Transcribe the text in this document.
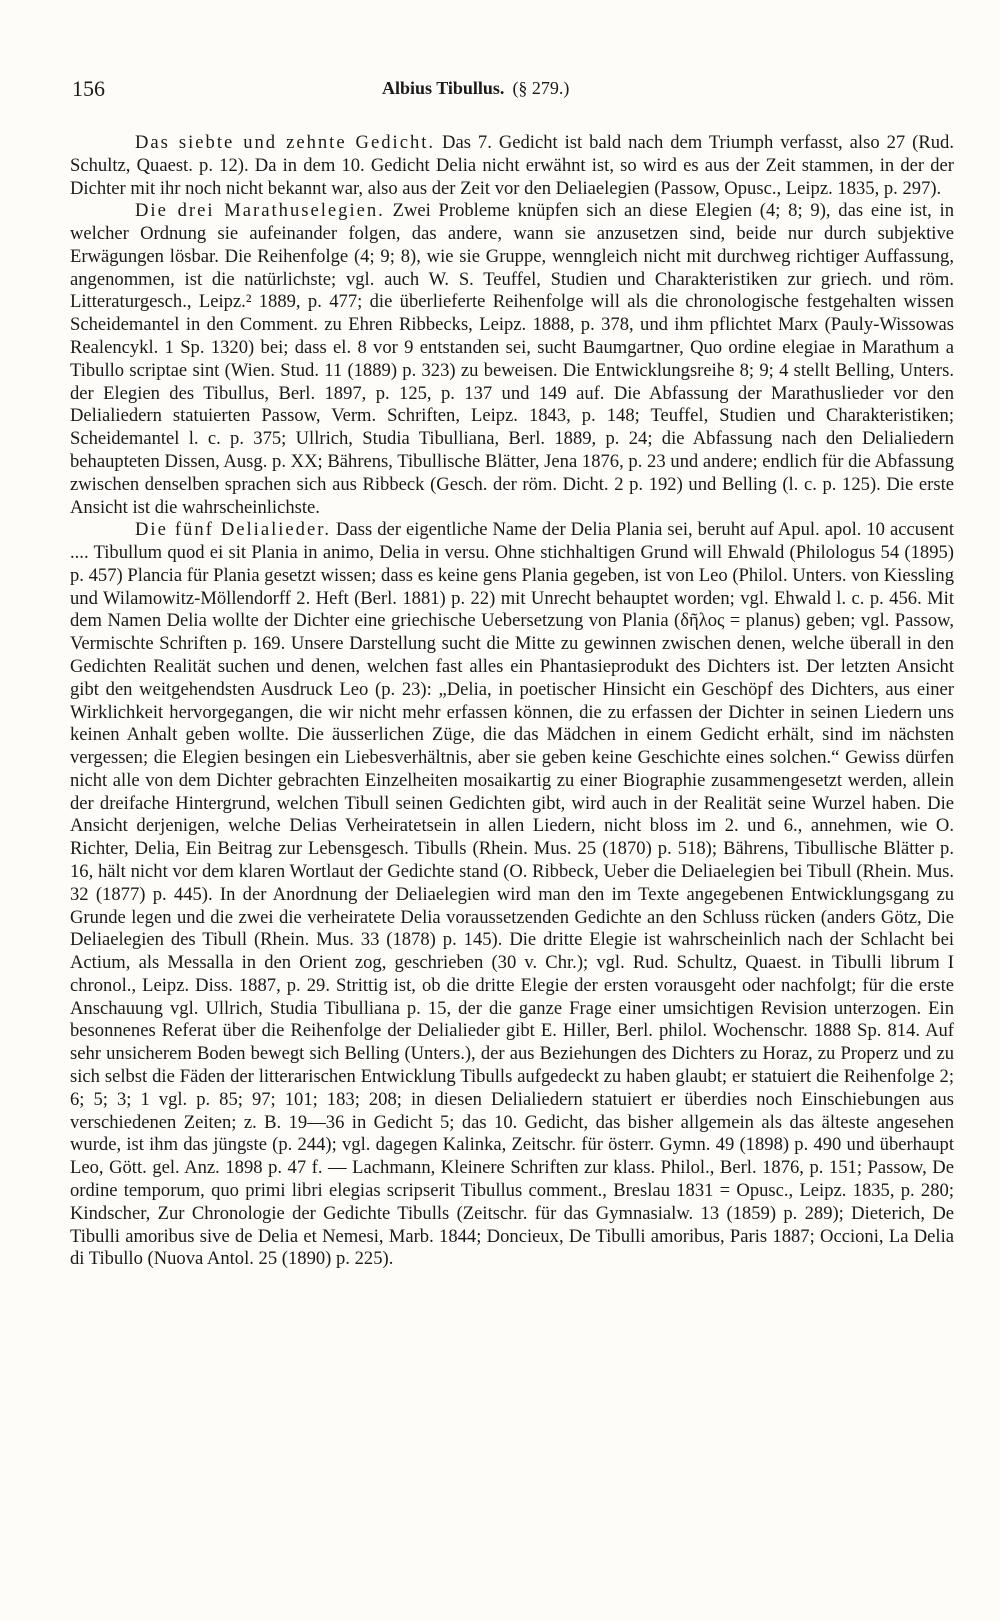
156	Albius Tibullus. (§ 279.)

Das siebte und zehnte Gedicht. Das 7. Gedicht ist bald nach dem Triumph verfasst, also 27 (Rud. Schultz, Quaest. p. 12). Da in dem 10. Gedicht Delia nicht erwähnt ist, so wird es aus der Zeit stammen, in der der Dichter mit ihr noch nicht bekannt war, also aus der Zeit vor den Deliaelegien (Passow, Opusc., Leipz. 1835, p. 297).

Die drei Marathuselegien. Zwei Probleme knüpfen sich an diese Elegien (4; 8; 9), das eine ist, in welcher Ordnung sie aufeinander folgen, das andere, wann sie anzusetzen sind, beide nur durch subjektive Erwägungen lösbar. Die Reihenfolge (4; 9; 8), wie sie Gruppe, wenngleich nicht mit durchweg richtiger Auffassung, angenommen, ist die natürlichste; vgl. auch W. S. Teuffel, Studien und Charakteristiken zur griech. und röm. Litteraturgesch., Leipz.² 1889, p. 477; die überlieferte Reihenfolge will als die chronologische festgehalten wissen Scheidemantel in den Comment. zu Ehren Ribbecks, Leipz. 1888, p. 378, und ihm pflichtet Marx (Pauly-Wissowas Realencykl. 1 Sp. 1320) bei; dass el. 8 vor 9 entstanden sei, sucht Baumgartner, Quo ordine elegiae in Marathum a Tibullo scriptae sint (Wien. Stud. 11 (1889) p. 323) zu beweisen. Die Entwicklungsreihe 8; 9; 4 stellt Belling, Unters. der Elegien des Tibullus, Berl. 1897, p. 125, p. 137 und 149 auf. Die Abfassung der Marathuslieder vor den Delialiedern statuierten Passow, Verm. Schriften, Leipz. 1843, p. 148; Teuffel, Studien und Charakteristiken; Scheidemantel l. c. p. 375; Ullrich, Studia Tibulliana, Berl. 1889, p. 24; die Abfassung nach den Delialiedern behaupteten Dissen, Ausg. p. XX; Bährens, Tibullische Blätter, Jena 1876, p. 23 und andere; endlich für die Abfassung zwischen denselben sprachen sich aus Ribbeck (Gesch. der röm. Dicht. 2 p. 192) und Belling (l. c. p. 125). Die erste Ansicht ist die wahrscheinlichste.

Die fünf Delialieder. Dass der eigentliche Name der Delia Plania sei, beruht auf Apul. apol. 10 accusent .... Tibullum quod ei sit Plania in animo, Delia in versu. Ohne stichhaltigen Grund will Ehwald (Philologus 54 (1895) p. 457) Plancia für Plania gesetzt wissen; dass es keine gens Plania gegeben, ist von Leo (Philol. Unters. von Kiessling und Wilamowitz-Möllendorff 2. Heft (Berl. 1881) p. 22) mit Unrecht behauptet worden; vgl. Ehwald l. c. p. 456. Mit dem Namen Delia wollte der Dichter eine griechische Uebersetzung von Plania (δῆλος = planus) geben; vgl. Passow, Vermischte Schriften p. 169. Unsere Darstellung sucht die Mitte zu gewinnen zwischen denen, welche überall in den Gedichten Realität suchen und denen, welchen fast alles ein Phantasieprodukt des Dichters ist. Der letzten Ansicht gibt den weitgehendsten Ausdruck Leo (p. 23): „Delia, in poetischer Hinsicht ein Geschöpf des Dichters, aus einer Wirklichkeit hervorgegangen, die wir nicht mehr erfassen können, die zu erfassen der Dichter in seinen Liedern uns keinen Anhalt geben wollte. Die äusserlichen Züge, die das Mädchen in einem Gedicht erhält, sind im nächsten vergessen; die Elegien besingen ein Liebesverhältnis, aber sie geben keine Geschichte eines solchen.“ Gewiss dürfen nicht alle von dem Dichter gebrachten Einzelheiten mosaikartig zu einer Biographie zusammengesetzt werden, allein der dreifache Hintergrund, welchen Tibull seinen Gedichten gibt, wird auch in der Realität seine Wurzel haben. Die Ansicht derjenigen, welche Delias Verheiratetsein in allen Liedern, nicht bloss im 2. und 6., annehmen, wie O. Richter, Delia, Ein Beitrag zur Lebensgesch. Tibulls (Rhein. Mus. 25 (1870) p. 518); Bährens, Tibullische Blätter p. 16, hält nicht vor dem klaren Wortlaut der Gedichte stand (O. Ribbeck, Ueber die Deliaelegien bei Tibull (Rhein. Mus. 32 (1877) p. 445). In der Anordnung der Deliaelegien wird man den im Texte angegebenen Entwicklungsgang zu Grunde legen und die zwei die verheiratete Delia voraussetzenden Gedichte an den Schluss rücken (anders Götz, Die Deliaelegien des Tibull (Rhein. Mus. 33 (1878) p. 145). Die dritte Elegie ist wahrscheinlich nach der Schlacht bei Actium, als Messalla in den Orient zog, geschrieben (30 v. Chr.); vgl. Rud. Schultz, Quaest. in Tibulli librum I chronol., Leipz. Diss. 1887, p. 29. Strittig ist, ob die dritte Elegie der ersten vorausgeht oder nachfolgt; für die erste Anschauung vgl. Ullrich, Studia Tibulliana p. 15, der die ganze Frage einer umsichtigen Revision unterzogen. Ein besonnenes Referat über die Reihenfolge der Delialieder gibt E. Hiller, Berl. philol. Wochenschr. 1888 Sp. 814. Auf sehr unsicherem Boden bewegt sich Belling (Unters.), der aus Beziehungen des Dichters zu Horaz, zu Properz und zu sich selbst die Fäden der litterarischen Entwicklung Tibulls aufgedeckt zu haben glaubt; er statuiert die Reihenfolge 2; 6; 5; 3; 1 vgl. p. 85; 97; 101; 183; 208; in diesen Delialiedern statuiert er überdies noch Einschiebungen aus verschiedenen Zeiten; z. B. 19—36 in Gedicht 5; das 10. Gedicht, das bisher allgemein als das älteste angesehen wurde, ist ihm das jüngste (p. 244); vgl. dagegen Kalinka, Zeitschr. für österr. Gymn. 49 (1898) p. 490 und überhaupt Leo, Gött. gel. Anz. 1898 p. 47 f. — Lachmann, Kleinere Schriften zur klass. Philol., Berl. 1876, p. 151; Passow, De ordine temporum, quo primi libri elegias scripserit Tibullus comment., Breslau 1831 = Opusc., Leipz. 1835, p. 280; Kindscher, Zur Chronologie der Gedichte Tibulls (Zeitschr. für das Gymnasialw. 13 (1859) p. 289); Dieterich, De Tibulli amoribus sive de Delia et Nemesi, Marb. 1844; Doncieux, De Tibulli amoribus, Paris 1887; Occioni, La Delia di Tibullo (Nuova Antol. 25 (1890) p. 225).
